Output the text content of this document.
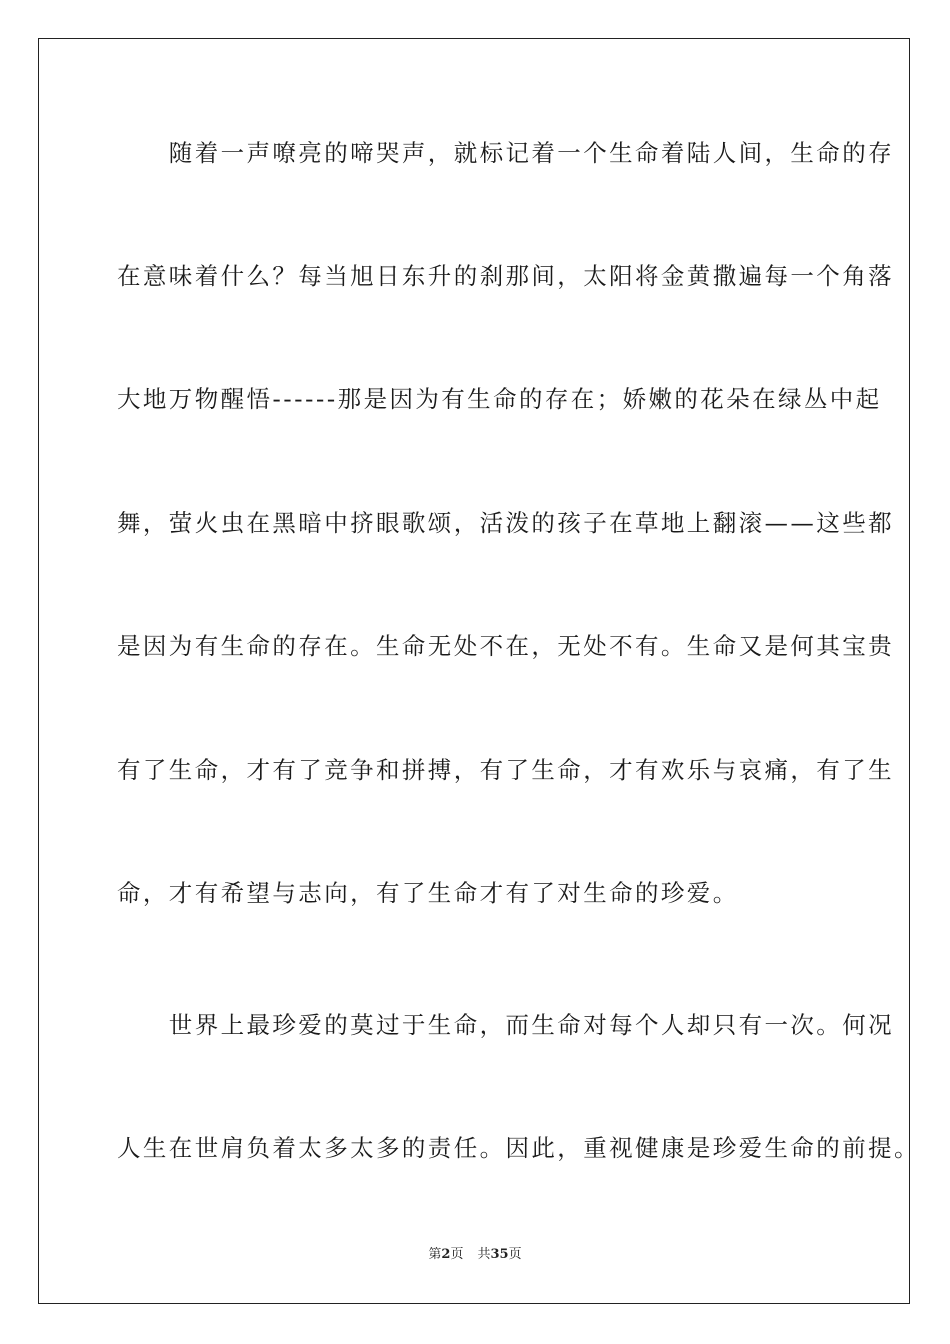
　　随着一声嘹亮的啼哭声，就标记着一个生命着陆人间，生命的存
在意味着什么？每当旭日东升的刹那间，太阳将金黄撒遍每一个角落
大地万物醒悟------那是因为有生命的存在；娇嫩的花朵在绿丛中起
舞，萤火虫在黑暗中挤眼歌颂，活泼的孩子在草地上翻滚——这些都
是因为有生命的存在。生命无处不在，无处不有。生命又是何其宝贵
有了生命，才有了竞争和拼搏，有了生命，才有欢乐与哀痛，有了生
命，才有希望与志向，有了生命才有了对生命的珍爱。
　　世界上最珍爱的莫过于生命，而生命对每个人却只有一次。何况
人生在世肩负着太多太多的责任。因此，重视健康是珍爱生命的前提。
第2页 共35页
